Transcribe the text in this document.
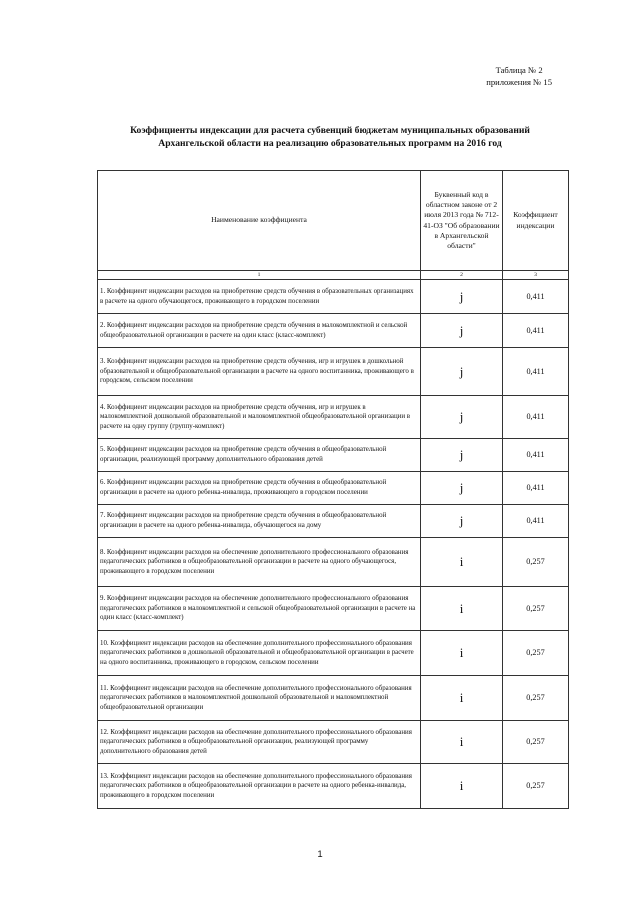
Таблица № 2
приложения № 15
Коэффициенты индексации для расчета субвенций бюджетам муниципальных образований
Архангельской области на реализацию образовательных программ на 2016 год
Наименование коэффициента	Буквенный код в областном законе от 2 июля 2013 года № 712-41-ОЗ "Об образовании в Архангельской области"	Коэффициент индексации
1	2	3
1. Коэффициент индексации расходов на приобретение средств обучения в образовательных организациях в расчете на одного обучающегося, проживающего в городском поселении	j	0,411
2. Коэффициент индексации расходов на приобретение средств обучения в малокомплектной и сельской общеобразовательной организации в расчете на один класс (класс-комплект)	j	0,411
3. Коэффициент индексации расходов на приобретение средств обучения, игр и игрушек в дошкольной образовательной и общеобразовательной организации в расчете на одного воспитанника, проживающего в городском, сельском поселении	j	0,411
4. Коэффициент индексации расходов на приобретение средств обучения, игр и игрушек в малокомплектной дошкольной образовательной и малокомплектной общеобразовательной организации в расчете на одну группу (группу-комплект)	j	0,411
5. Коэффициент индексации расходов на приобретение средств обучения в общеобразовательной организации, реализующей программу дополнительного образования детей	j	0,411
6. Коэффициент индексации расходов на приобретение средств обучения в общеобразовательной организации в расчете на одного ребенка-инвалида, проживающего в городском поселении	j	0,411
7. Коэффициент индексации расходов на приобретение средств обучения в общеобразовательной организации в расчете на одного ребенка-инвалида, обучающегося на дому	j	0,411
8. Коэффициент индексации расходов на обеспечение дополнительного профессионального образования педагогических работников в общеобразовательной организации в расчете на одного обучающегося, проживающего в городском поселении	i	0,257
9. Коэффициент индексации расходов на обеспечение дополнительного профессионального образования педагогических работников в малокомплектной и сельской общеобразовательной организации в расчете на один класс (класс-комплект)	i	0,257
10. Коэффициент индексации расходов на обеспечение дополнительного профессионального образования педагогических работников в дошкольной образовательной и общеобразовательной организации в расчете на одного воспитанника, проживающего в городском, сельском поселении	i	0,257
11. Коэффициент индексации расходов на обеспечение дополнительного профессионального образования педагогических работников в малокомплектной дошкольной образовательной и малокомплектной общеобразовательной организации	i	0,257
12. Коэффициент индексации расходов на обеспечение дополнительного профессионального образования педагогических работников в общеобразовательной организации, реализующей программу дополнительного образования детей	i	0,257
13. Коэффициент индексации расходов на обеспечение дополнительного профессионального образования педагогических работников в общеобразовательной организации в расчете на одного ребенка-инвалида, проживающего в городском поселении	i	0,257
1
